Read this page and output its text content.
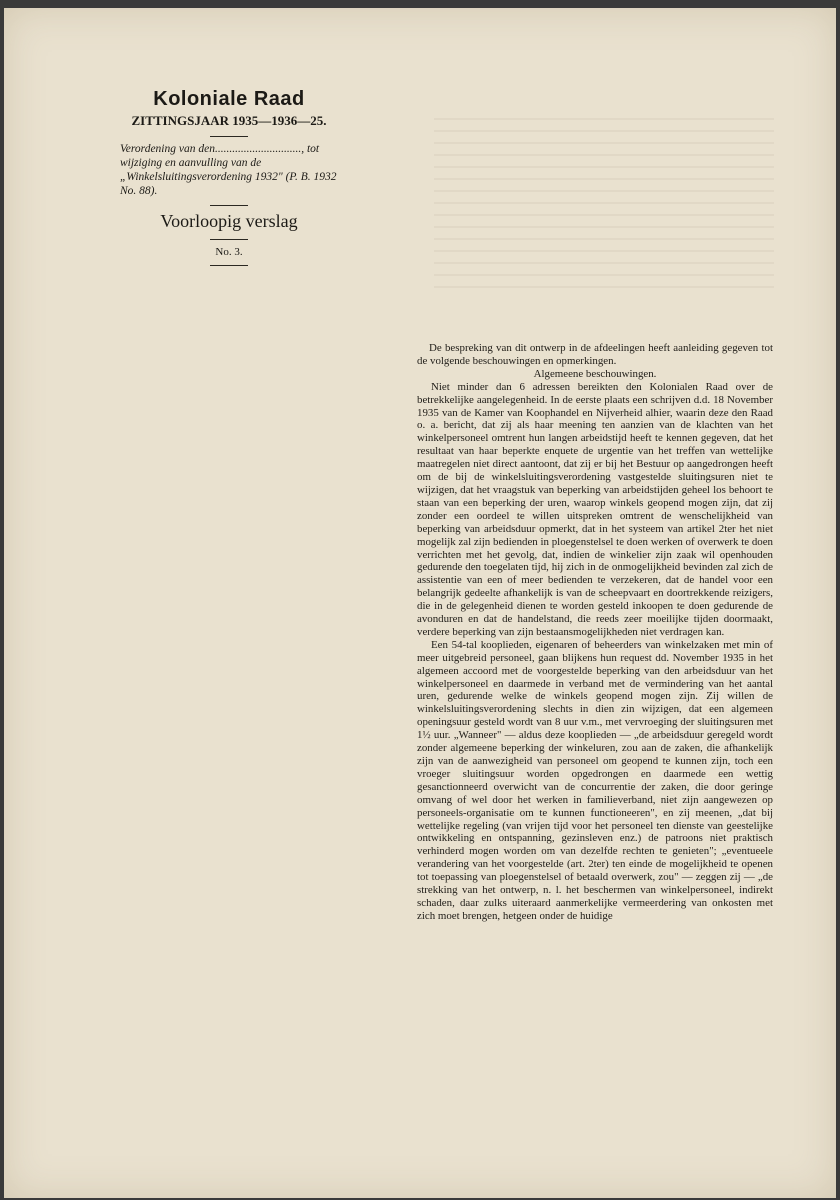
Koloniale Raad
ZITTINGSJAAR 1935—1936—25.
Verordening van den.............................., tot wijziging en aanvulling van de „Winkelsluitingsverordening 1932" (P. B. 1932 No. 88).
Voorloopig verslag
No. 3.

De bespreking van dit ontwerp in de afdeelingen heeft aanleiding gegeven tot de volgende beschouwingen en opmerkingen.

Algemeene beschouwingen.

Niet minder dan 6 adressen bereikten den Kolonialen Raad over de betrekkelijke aangelegenheid. In de eerste plaats een schrijven d.d. 18 November 1935 van de Kamer van Koophandel en Nijverheid alhier, waarin deze den Raad o. a. bericht, dat zij als haar meening ten aanzien van de klachten van het winkelpersoneel omtrent hun langen arbeidstijd heeft te kennen gegeven, dat het resultaat van haar beperkte enquete de urgentie van het treffen van wettelijke maatregelen niet direct aantoont, dat zij er bij het Bestuur op aangedrongen heeft om de bij de winkelsluitingsverordening vastgestelde sluitingsuren niet te wijzigen, dat het vraagstuk van beperking van arbeidstijden geheel los behoort te staan van een beperking der uren, waarop winkels geopend mogen zijn, dat zij zonder een oordeel te willen uitspreken omtrent de wenschelijkheid van beperking van arbeidsduur opmerkt, dat in het systeem van artikel 2ter het niet mogelijk zal zijn bedienden in ploegenstelsel te doen werken of overwerk te doen verrichten met het gevolg, dat, indien de winkelier zijn zaak wil openhouden gedurende den toegelaten tijd, hij zich in de onmogelijkheid bevinden zal zich de assistentie van een of meer bedienden te verzekeren, dat de handel voor een belangrijk gedeelte afhankelijk is van de scheepvaart en doortrekkende reizigers, die in de gelegenheid dienen te worden gesteld inkoopen te doen gedurende de avonduren en dat de handelstand, die reeds zeer moeilijke tijden doormaakt, verdere beperking van zijn bestaansmogelijkheden niet verdragen kan.

Een 54-tal kooplieden, eigenaren of beheerders van winkelzaken met min of meer uitgebreid personeel, gaan blijkens hun request dd. November 1935 in het algemeen accoord met de voorgestelde beperking van den arbeidsduur van het winkelpersoneel en daarmede in verband met de vermindering van het aantal uren, gedurende welke de winkels geopend mogen zijn. Zij willen de winkelsluitingsverordening slechts in dien zin wijzigen, dat een algemeen openingsuur gesteld wordt van 8 uur v.m., met vervroeging der sluitingsuren met 1½ uur. „Wanneer" — aldus deze kooplieden — „de arbeidsduur geregeld wordt zonder algemeene beperking der winkeluren, zou aan de zaken, die afhankelijk zijn van de aanwezigheid van personeel om geopend te kunnen zijn, toch een vroeger sluitingsuur worden opgedrongen en daarmede een wettig gesanctionneerd overwicht van de concurrentie der zaken, die door geringe omvang of wel door het werken in familieverband, niet zijn aangewezen op personeels-organisatie om te kunnen functioneeren", en zij meenen, „dat bij wettelijke regeling (van vrijen tijd voor het personeel ten dienste van geestelijke ontwikkeling en ontspanning, gezinsleven enz.) de patroons niet praktisch verhinderd mogen worden om van dezelfde rechten te genieten"; „eventueele verandering van het voorgestelde (art. 2ter) ten einde de mogelijkheid te openen tot toepassing van ploegenstelsel of betaald overwerk, zou" — zeggen zij — „de strekking van het ontwerp, n. l. het beschermen van winkelpersoneel, indirekt schaden, daar zulks uiteraard aanmerkelijke vermeerdering van onkosten met zich moet brengen, hetgeen onder de huidige
